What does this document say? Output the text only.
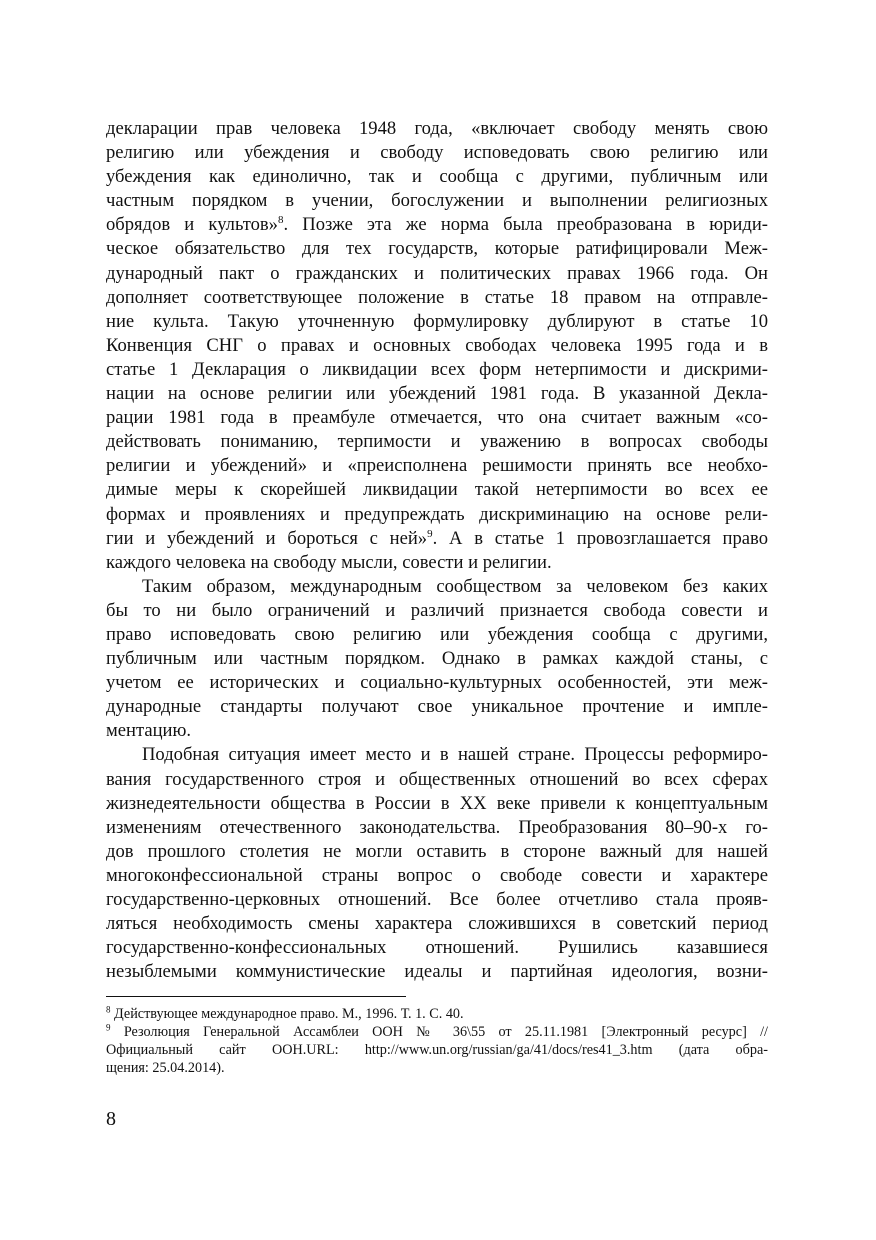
декларации прав человека 1948 года, «включает свободу менять свою
религию или убеждения и свободу исповедовать свою религию или
убеждения как единолично, так и сообща с другими, публичным или
частным порядком в учении, богослужении и выполнении религиозных
обрядов и культов»$^8$. Позже эта же норма была преобразована в юриди-
ческое обязательство для тех государств, которые ратифицировали Меж-
дународный пакт о гражданских и политических правах 1966 года. Он
дополняет соответствующее положение в статье 18 правом на отправле-
ние культа. Такую уточненную формулировку дублируют в статье 10
Конвенция СНГ о правах и основных свободах человека 1995 года и в
статье 1 Декларация о ликвидации всех форм нетерпимости и дискрими-
нации на основе религии или убеждений 1981 года. В указанной Декла-
рации 1981 года в преамбуле отмечается, что она считает важным «со-
действовать пониманию, терпимости и уважению в вопросах свободы
религии и убеждений» и «преисполнена решимости принять все необхо-
димые меры к скорейшей ликвидации такой нетерпимости во всех ее
формах и проявлениях и предупреждать дискриминацию на основе рели-
гии и убеждений и бороться с ней»$^9$. А в статье 1 провозглашается право
каждого человека на свободу мысли, совести и религии.
Таким образом, международным сообществом за человеком без каких
бы то ни было ограничений и различий признается свобода совести и
право исповедовать свою религию или убеждения сообща с другими,
публичным или частным порядком. Однако в рамках каждой станы, с
учетом ее исторических и социально-культурных особенностей, эти меж-
дународные стандарты получают свое уникальное прочтение и импле-
ментацию.
Подобная ситуация имеет место и в нашей стране. Процессы реформиро-
вания государственного строя и общественных отношений во всех сферах
жизнедеятельности общества в России в XX веке привели к концептуальным
изменениям отечественного законодательства. Преобразования 80–90-х го-
дов прошлого столетия не могли оставить в стороне важный для нашей
многоконфессиональной страны вопрос о свободе совести и характере
государственно-церковных отношений. Все более отчетливо стала прояв-
ляться необходимость смены характера сложившихся в советский период
государственно-конфессиональных отношений. Рушились казавшиеся
незыблемыми коммунистические идеалы и партийная идеология, возни-
$^8$ Действующее международное право. М., 1996. Т. 1. С. 40.
$^9$ Резолюция Генеральной Ассамблеи ООН № 36\55 от 25.11.1981 [Электронный ресурс] //
Официальный сайт ООН.URL: http://www.un.org/russian/ga/41/docs/res41_3.htm (дата обра-
щения: 25.04.2014).
8
